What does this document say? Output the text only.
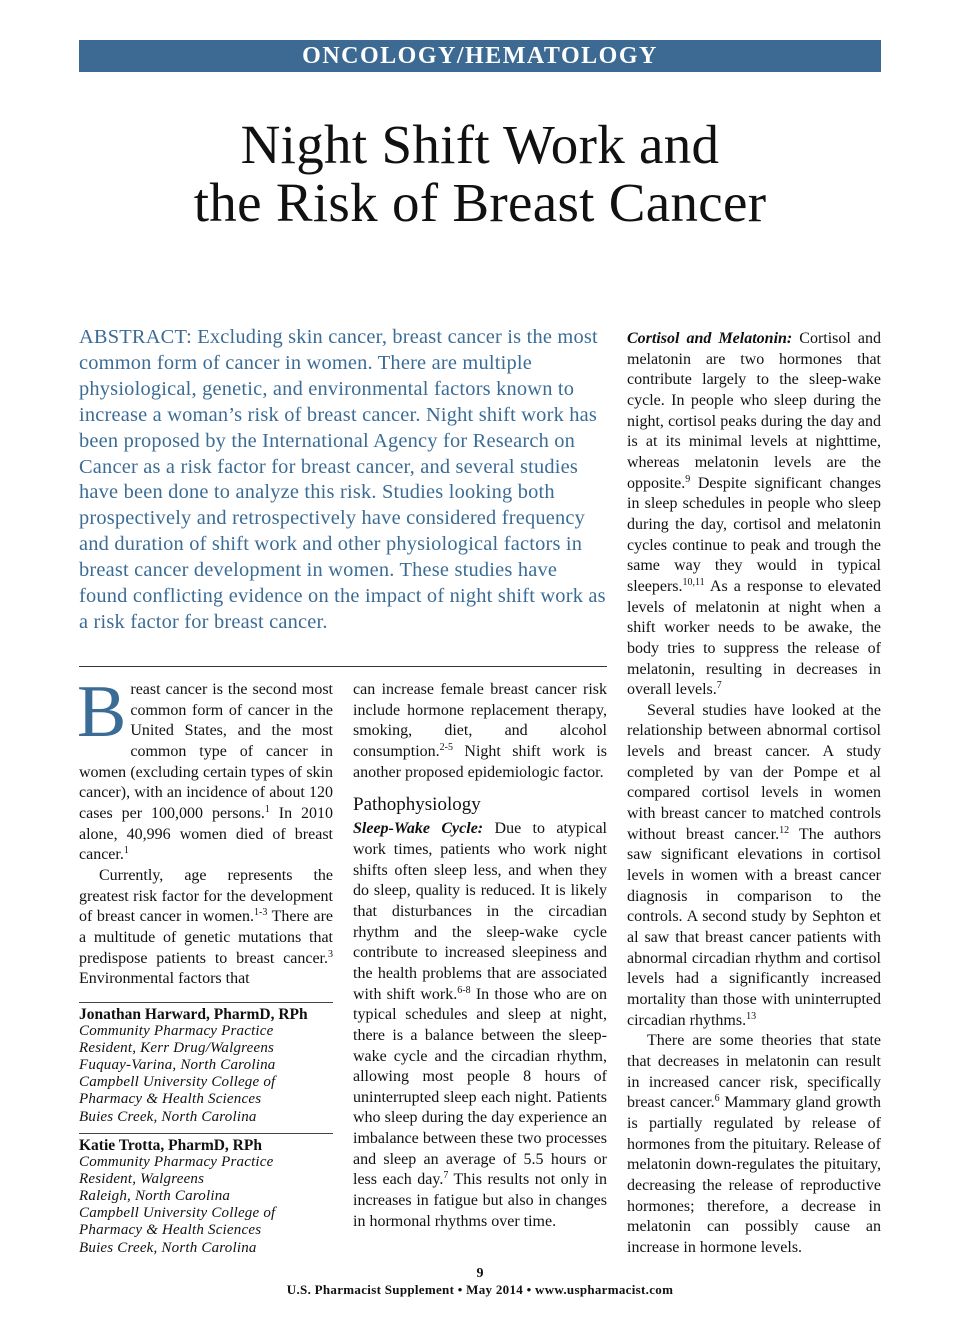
ONCOLOGY/HEMATOLOGY
Night Shift Work and
the Risk of Breast Cancer

ABSTRACT: Excluding skin cancer, breast cancer is the most common form of cancer in women. There are multiple physiological, genetic, and environmental factors known to increase a woman’s risk of breast cancer. Night shift work has been proposed by the International Agency for Research on Cancer as a risk factor for breast cancer, and several studies have been done to analyze this risk. Studies looking both prospectively and retrospectively have considered frequency and duration of shift work and other physiological factors in breast cancer development in women. These studies have found conflicting evidence on the impact of night shift work as a risk factor for breast cancer.

Breast cancer is the second most common form of cancer in the United States, and the most common type of cancer in women (excluding certain types of skin cancer), with an incidence of about 120 cases per 100,000 persons.$^1$ In 2010 alone, 40,996 women died of breast cancer.$^1$

Currently, age represents the greatest risk factor for the development of breast cancer in women.$^{1-3}$ There are a multitude of genetic mutations that predispose patients to breast cancer.$^3$ Environmental factors that

Jonathan Harward, PharmD, RPh
Community Pharmacy Practice
Resident, Kerr Drug/Walgreens
Fuquay-Varina, North Carolina
Campbell University College of
Pharmacy & Health Sciences
Buies Creek, North Carolina
Katie Trotta, PharmD, RPh
Community Pharmacy Practice
Resident, Walgreens
Raleigh, North Carolina
Campbell University College of
Pharmacy & Health Sciences
Buies Creek, North Carolina

can increase female breast cancer risk include hormone replacement therapy, smoking, diet, and alcohol consumption.$^{2-5}$ Night shift work is another proposed epidemiologic factor.

Pathophysiology

Sleep-Wake Cycle: Due to atypical work times, patients who work night shifts often sleep less, and when they do sleep, quality is reduced. It is likely that disturbances in the circadian rhythm and the sleep-wake cycle contribute to increased sleepiness and the health problems that are associated with shift work.$^{6-8}$ In those who are on typical schedules and sleep at night, there is a balance between the sleep-wake cycle and the circadian rhythm, allowing most people 8 hours of uninterrupted sleep each night. Patients who sleep during the day experience an imbalance between these two processes and sleep an average of 5.5 hours or less each day.$^7$ This results not only in increases in fatigue but also in changes in hormonal rhythms over time.

Cortisol and Melatonin: Cortisol and melatonin are two hormones that contribute largely to the sleep-wake cycle. In people who sleep during the night, cortisol peaks during the day and is at its minimal levels at nighttime, whereas melatonin levels are the opposite.$^9$ Despite significant changes in sleep schedules in people who sleep during the day, cortisol and melatonin cycles continue to peak and trough the same way they would in typical sleepers.$^{10,11}$ As a response to elevated levels of melatonin at night when a shift worker needs to be awake, the body tries to suppress the release of melatonin, resulting in decreases in overall levels.$^7$

Several studies have looked at the relationship between abnormal cortisol levels and breast cancer. A study completed by van der Pompe et al compared cortisol levels in women with breast cancer to matched controls without breast cancer.$^{12}$ The authors saw significant elevations in cortisol levels in women with a breast cancer diagnosis in comparison to the controls. A second study by Sephton et al saw that breast cancer patients with abnormal circadian rhythm and cortisol levels had a significantly increased mortality than those with uninterrupted circadian rhythms.$^{13}$

There are some theories that state that decreases in melatonin can result in increased cancer risk, specifically breast cancer.$^6$ Mammary gland growth is partially regulated by release of hormones from the pituitary. Release of melatonin down-regulates the pituitary, decreasing the release of reproductive hormones; therefore, a decrease in melatonin can possibly cause an increase in hormone levels.

9
U.S. Pharmacist Supplement • May 2014 • www.uspharmacist.com
